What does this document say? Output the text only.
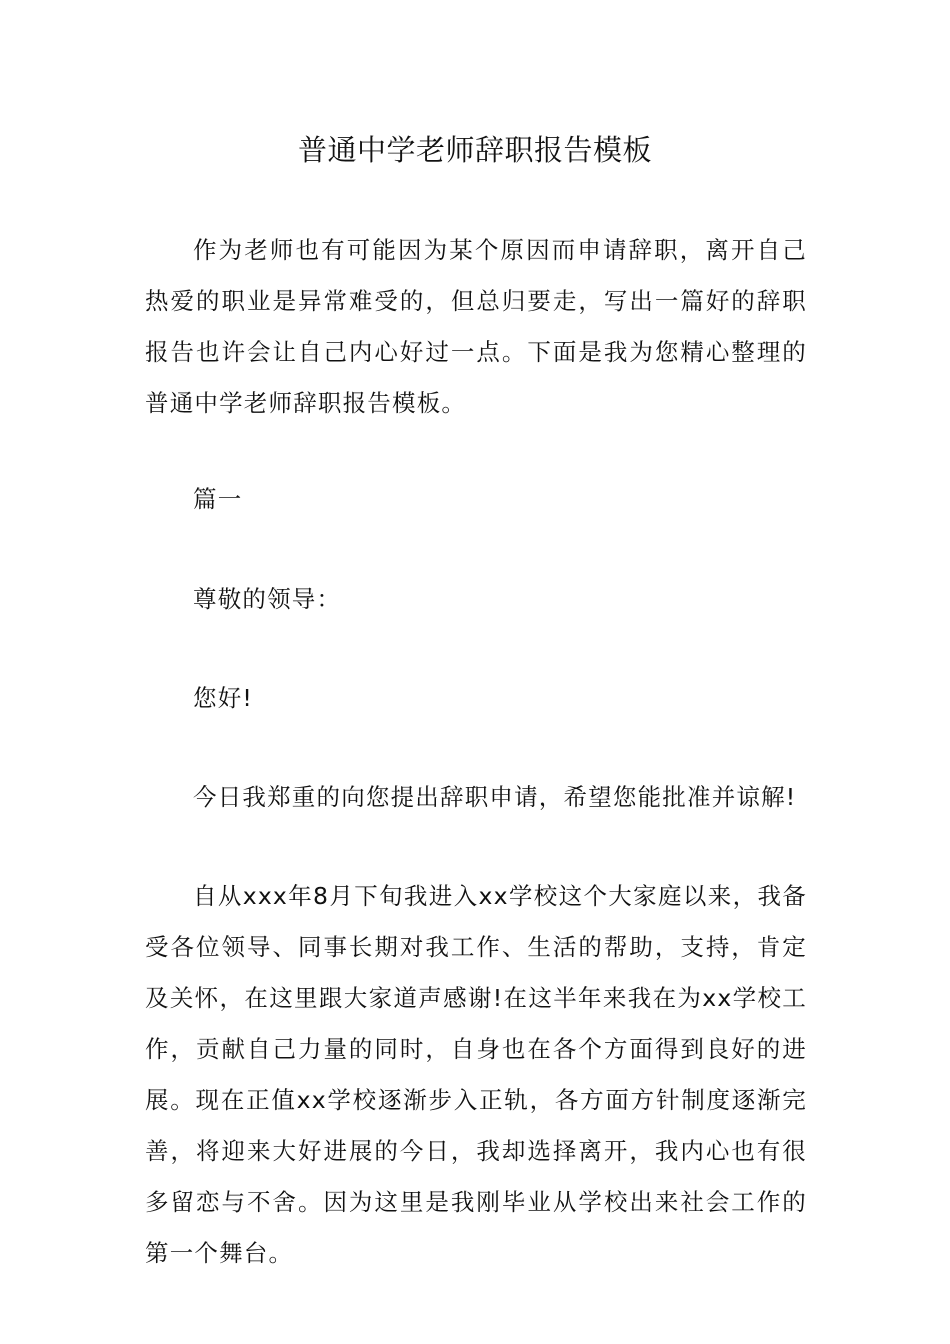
普通中学老师辞职报告模板

作为老师也有可能因为某个原因而申请辞职，离开自己热爱的职业是异常难受的，但总归要走，写出一篇好的辞职报告也许会让自己内心好过一点。下面是我为您精心整理的普通中学老师辞职报告模板。

篇一

尊敬的领导：

您好!

今日我郑重的向您提出辞职申请，希望您能批准并谅解!

自从xxx年8月下旬我进入xx学校这个大家庭以来，我备受各位领导、同事长期对我工作、生活的帮助，支持，肯定及关怀，在这里跟大家道声感谢!在这半年来我在为xx学校工作，贡献自己力量的同时，自身也在各个方面得到良好的进展。现在正值xx学校逐渐步入正轨，各方面方针制度逐渐完善，将迎来大好进展的今日，我却选择离开，我内心也有很多留恋与不舍。因为这里是我刚毕业从学校出来社会工作的第一个舞台。
